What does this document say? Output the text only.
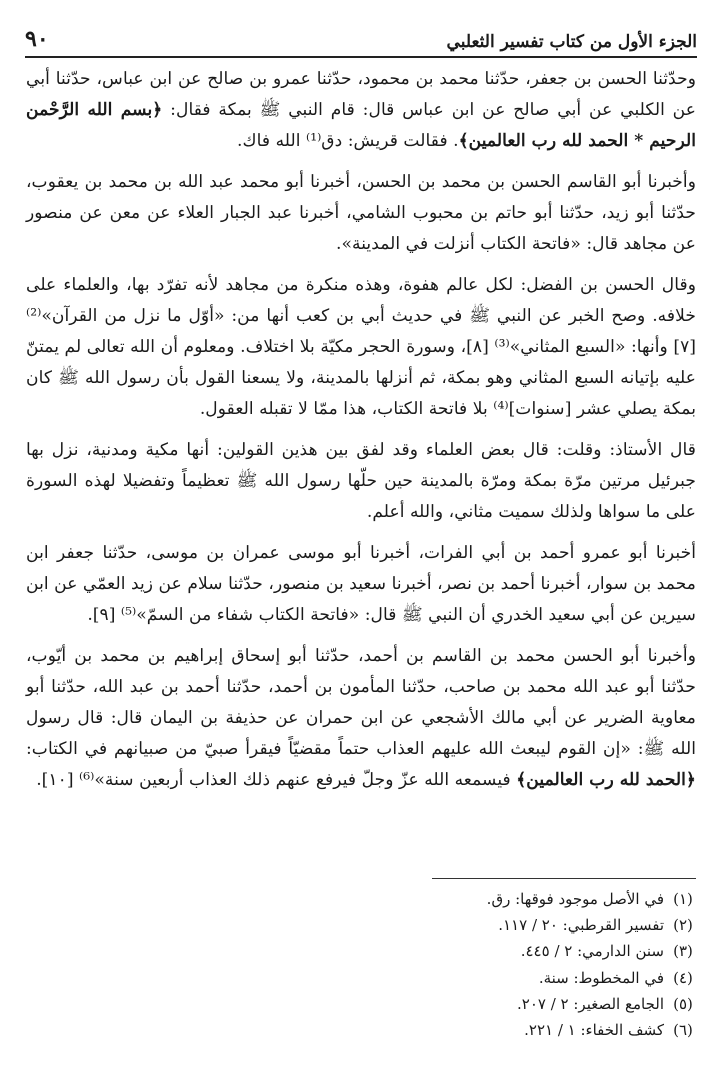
الجزء الأول من كتاب تفسير الثعلبي
٩٠

وحدّثنا الحسن بن جعفر، حدّثنا محمد بن محمود، حدّثنا عمرو بن صالح عن ابن عباس، حدّثنا أبي عن الكلبي عن أبي صالح عن ابن عباس قال: قام النبي ﷺ بمكة فقال: ﴿بسم الله الرَّحْمن الرحيم * الحمد لله رب العالمين﴾. فقالت قريش: دق⁽¹⁾ الله فاك.

وأخبرنا أبو القاسم الحسن بن محمد بن الحسن، أخبرنا أبو محمد عبد الله بن محمد بن يعقوب، حدّثنا أبو زيد، حدّثنا أبو حاتم بن محبوب الشامي، أخبرنا عبد الجبار العلاء عن معن عن منصور عن مجاهد قال: «فاتحة الكتاب أنزلت في المدينة».

وقال الحسن بن الفضل: لكل عالم هفوة، وهذه منكرة من مجاهد لأنه تفرّد بها، والعلماء على خلافه. وصح الخبر عن النبي ﷺ في حديث أبي بن كعب أنها من: «أوّل ما نزل من القرآن»⁽²⁾ [٧] وأنها: «السبع المثاني»⁽³⁾ [٨]، وسورة الحجر مكيّة بلا اختلاف. ومعلوم أن الله تعالى لم يمتنّ عليه بإتيانه السبع المثاني وهو بمكة، ثم أنزلها بالمدينة، ولا يسعنا القول بأن رسول الله ﷺ كان بمكة يصلي عشر [سنوات]⁽⁴⁾ بلا فاتحة الكتاب، هذا ممّا لا تقبله العقول.

قال الأستاذ: وقلت: قال بعض العلماء وقد لفق بين هذين القولين: أنها مكية ومدنية، نزل بها جبرئيل مرتين مرّة بمكة ومرّة بالمدينة حين حلّها رسول الله ﷺ تعظيماً وتفضيلا لهذه السورة على ما سواها ولذلك سميت مثاني، والله أعلم.

أخبرنا أبو عمرو أحمد بن أبي الفرات، أخبرنا أبو موسى عمران بن موسى، حدّثنا جعفر ابن محمد بن سوار، أخبرنا أحمد بن نصر، أخبرنا سعيد بن منصور، حدّثنا سلام عن زيد العمّي عن ابن سيرين عن أبي سعيد الخدري أن النبي ﷺ قال: «فاتحة الكتاب شفاء من السمّ»⁽⁵⁾ [٩].

وأخبرنا أبو الحسن محمد بن القاسم بن أحمد، حدّثنا أبو إسحاق إبراهيم بن محمد بن أيّوب، حدّثنا أبو عبد الله محمد بن صاحب، حدّثنا المأمون بن أحمد، حدّثنا أحمد بن عبد الله، حدّثنا أبو معاوية الضرير عن أبي مالك الأشجعي عن ابن حمران عن حذيفة بن اليمان قال: قال رسول الله ﷺ: «إن القوم ليبعث الله عليهم العذاب حتماً مقضيّاً فيقرأ صبيّ من صبيانهم في الكتاب: ﴿الحمد لله رب العالمين﴾ فيسمعه الله عزّ وجلّ فيرفع عنهم ذلك العذاب أربعين سنة»⁽⁶⁾ [١٠].

(١)
في الأصل موجود فوقها: رق.
(٢)
تفسير القرطبي: ٢٠ / ١١٧.
(٣)
سنن الدارمي: ٢ / ٤٤٥.
(٤)
في المخطوط: سنة.
(٥)
الجامع الصغير: ٢ / ٢٠٧.
(٦)
كشف الخفاء: ١ / ٢٢١.
